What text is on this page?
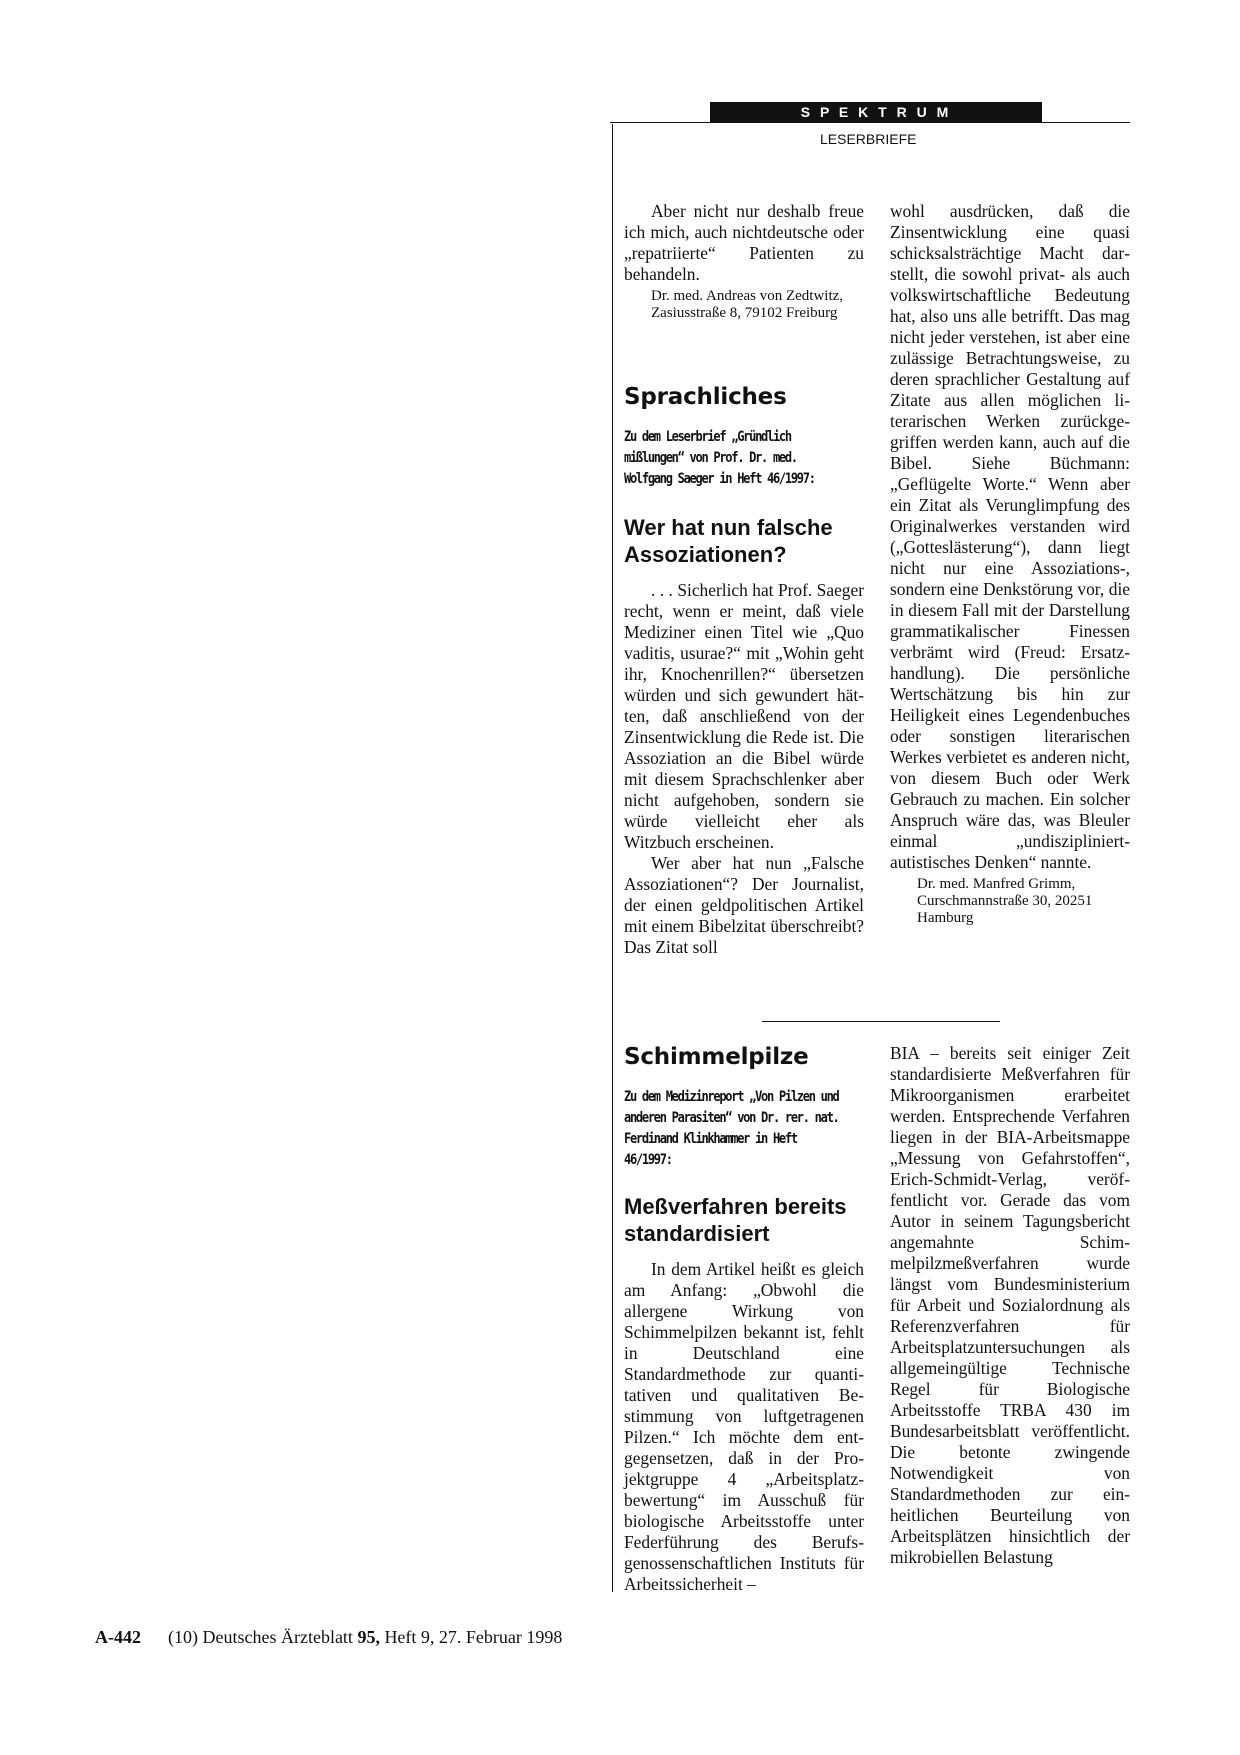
S P E K T R U M
LESERBRIEFE

Aber nicht nur deshalb freue ich mich, auch nichtdeutsche oder „repatriierte“ Patienten zu behandeln.

Dr. med. Andreas von Zedtwitz, Zasiusstraße 8, 79102 Freiburg

Sprachliches

Zu dem Leserbrief „Gründlich mißlungen“ von Prof. Dr. med. Wolfgang Saeger in Heft 46/1997:

Wer hat nun falsche Assoziationen?

. . . Sicherlich hat Prof. Saeger recht, wenn er meint, daß viele Mediziner einen Titel wie „Quo vaditis, usurae?“ mit „Wohin geht ihr, Knochenrillen?“ übersetzen würden und sich gewundert hätten, daß anschließend von der Zinsentwicklung die Rede ist. Die Assoziation an die Bibel würde mit diesem Sprachschlenker aber nicht aufgehoben, sondern sie würde vielleicht eher als Witzbuch erscheinen.

Wer aber hat nun „Falsche Assoziationen“? Der Journalist, der einen geldpolitischen Artikel mit einem Bibelzitat überschreibt? Das Zitat soll

wohl ausdrücken, daß die Zinsentwicklung eine quasi schicksalsträchtige Macht darstellt, die sowohl privat- als auch volkswirtschaftliche Bedeutung hat, also uns alle betrifft. Das mag nicht jeder verstehen, ist aber eine zulässige Betrachtungsweise, zu deren sprachlicher Gestaltung auf Zitate aus allen möglichen literarischen Werken zurückgegriffen werden kann, auch auf die Bibel. Siehe Büchmann: „Geflügelte Worte.“ Wenn aber ein Zitat als Verunglimpfung des Originalwerkes verstanden wird („Gotteslästerung“), dann liegt nicht nur eine Assoziations-, sondern eine Denkstörung vor, die in diesem Fall mit der Darstellung grammatikalischer Finessen verbrämt wird (Freud: Ersatzhandlung). Die persönliche Wertschätzung bis hin zur Heiligkeit eines Legendenbuches oder sonstigen literarischen Werkes verbietet es anderen nicht, von diesem Buch oder Werk Gebrauch zu machen. Ein solcher Anspruch wäre das, was Bleuler einmal „undiszipliniert-autistisches Denken“ nannte.

Dr. med. Manfred Grimm, Curschmannstraße 30, 20251 Hamburg

Schimmelpilze

Zu dem Medizinreport „Von Pilzen und anderen Parasiten“ von Dr. rer. nat. Ferdinand Klinkhammer in Heft 46/1997:

Meßverfahren bereits standardisiert

In dem Artikel heißt es gleich am Anfang: „Obwohl die allergene Wirkung von Schimmelpilzen bekannt ist, fehlt in Deutschland eine Standardmethode zur quantitativen und qualitativen Bestimmung von luftgetragenen Pilzen.“ Ich möchte dem entgegensetzen, daß in der Projektgruppe 4 „Arbeitsplatzbewertung“ im Ausschuß für biologische Arbeitsstoffe unter Federführung des Berufsgenossenschaftlichen Instituts für Arbeitssicherheit –

BIA – bereits seit einiger Zeit standardisierte Meßverfahren für Mikroorganismen erarbeitet werden. Entsprechende Verfahren liegen in der BIA-Arbeitsmappe „Messung von Gefahrstoffen“, Erich-Schmidt-Verlag, veröffentlicht vor. Gerade das vom Autor in seinem Tagungsbericht angemahnte Schimmelpilzmeßverfahren wurde längst vom Bundesministerium für Arbeit und Sozialordnung als Referenzverfahren für Arbeitsplatzuntersuchungen als allgemeingültige Technische Regel für Biologische Arbeitsstoffe TRBA 430 im Bundesarbeitsblatt veröffentlicht. Die betonte zwingende Notwendigkeit von Standardmethoden zur einheitlichen Beurteilung von Arbeitsplätzen hinsichtlich der mikrobiellen Belastung

A-442 (10) Deutsches Ärzteblatt 95, Heft 9, 27. Februar 1998
